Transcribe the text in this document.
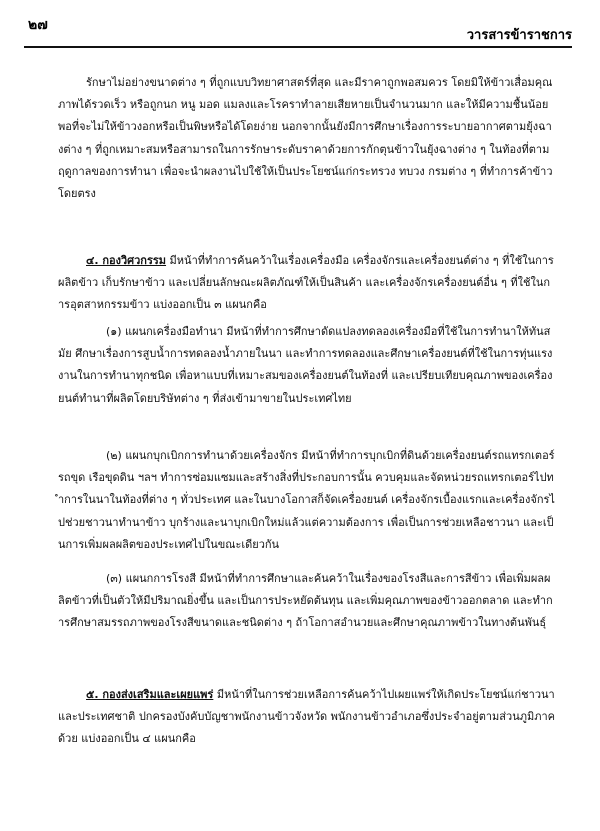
วารสารข้าราชการ
๒๗
รักษาไม่อย่างขนาดต่าง ๆ ที่ถูกแบบวิทยาศาสตร์ที่สุด และมีราคาถูกพอสมควร โดยมิให้ข้าวเสื่อมคุณภาพได้รวดเร็ว หรือถูกนก หนู มอด แมลงและโรคราทำลายเสียหายเป็นจำนวนมาก และให้มีความชื้นน้อยพอที่จะไม่ให้ข้าวงอกหรือเป็นพิษหรือได้โดยง่าย นอกจากนั้นยังมีการศึกษาเรื่องการระบายอากาศตามยุ้งฉางต่าง ๆ ที่ถูกเหมาะสมหรือสามารถในการรักษาระดับราคาด้วยการกักตุนข้าวในยุ้งฉางต่าง ๆ ในท้องที่ตามฤดูกาลของการทำนา เพื่อจะนำผลงานไปใช้ให้เป็นประโยชน์แก่กระทรวง ทบวง กรมต่าง ๆ ที่ทำการค้าข้าวโดยตรง
๔. กองวิศวกรรม มีหน้าที่ทำการค้นคว้าในเรื่องเครื่องมือ เครื่องจักรและเครื่องยนต์ต่าง ๆ ที่ใช้ในการผลิตข้าว เก็บรักษาข้าว และเปลี่ยนลักษณะผลิตภัณฑ์ให้เป็นสินค้า และเครื่องจักรเครื่องยนต์อื่น ๆ ที่ใช้ในการอุตสาหกรรมข้าว แบ่งออกเป็น ๓ แผนกคือ
(๑) แผนกเครื่องมือทำนา มีหน้าที่ทำการศึกษาดัดแปลงทดลองเครื่องมือที่ใช้ในการทำนาให้ทันสมัย ศึกษาเรื่องการสูบน้ำการทดลองน้ำภายในนา และทำการทดลองและศึกษาเครื่องยนต์ที่ใช้ในการทุ่นแรงงานในการทำนาทุกชนิด เพื่อหาแบบที่เหมาะสมของเครื่องยนต์ในท้องที่ และเปรียบเทียบคุณภาพของเครื่องยนต์ทำนาที่ผลิตโดยบริษัทต่าง ๆ ที่ส่งเข้ามาขายในประเทศไทย
(๒) แผนกบุกเบิกการทำนาด้วยเครื่องจักร มีหน้าที่ทำการบุกเบิกที่ดินด้วยเครื่องยนต์รถแทรกเตอร์ รถขุด เรือขุดดิน ฯลฯ ทำการซ่อมแซมและสร้างสิ่งที่ประกอบการนั้น ควบคุมและจัดหน่วยรถแทรกเตอร์ไปทำการในนาในท้องที่ต่าง ๆ ทั่วประเทศ และในบางโอกาสก็จัดเครื่องยนต์ เครื่องจักรเบื้องแรกและเครื่องจักรไปช่วยชาวนาทำนาข้าว บุกร้างและนาบุกเบิกใหม่แล้วแต่ความต้องการ เพื่อเป็นการช่วยเหลือชาวนา และเป็นการเพิ่มผลผลิตของประเทศไปในขณะเดียวกัน
(๓) แผนกการโรงสี มีหน้าที่ทำการศึกษาและค้นคว้าในเรื่องของโรงสีและการสีข้าว เพื่อเพิ่มผลผลิตข้าวที่เป็นตัวให้มีปริมาณยิ่งขึ้น และเป็นการประหยัดต้นทุน และเพิ่มคุณภาพของข้าวออกตลาด และทำการศึกษาสมรรถภาพของโรงสีขนาดและชนิดต่าง ๆ ถ้าโอกาสอำนวยและศึกษาคุณภาพข้าวในทางต้นพันธุ์
๕. กองส่งเสริมและเผยแพร่ มีหน้าที่ในการช่วยเหลือการค้นคว้าไปเผยแพร่ให้เกิดประโยชน์แก่ชาวนาและประเทศชาติ ปกครองบังคับบัญชาพนักงานข้าวจังหวัด พนักงานข้าวอำเภอซึ่งประจำอยู่ตามส่วนภูมิภาคด้วย แบ่งออกเป็น ๔ แผนกคือ
